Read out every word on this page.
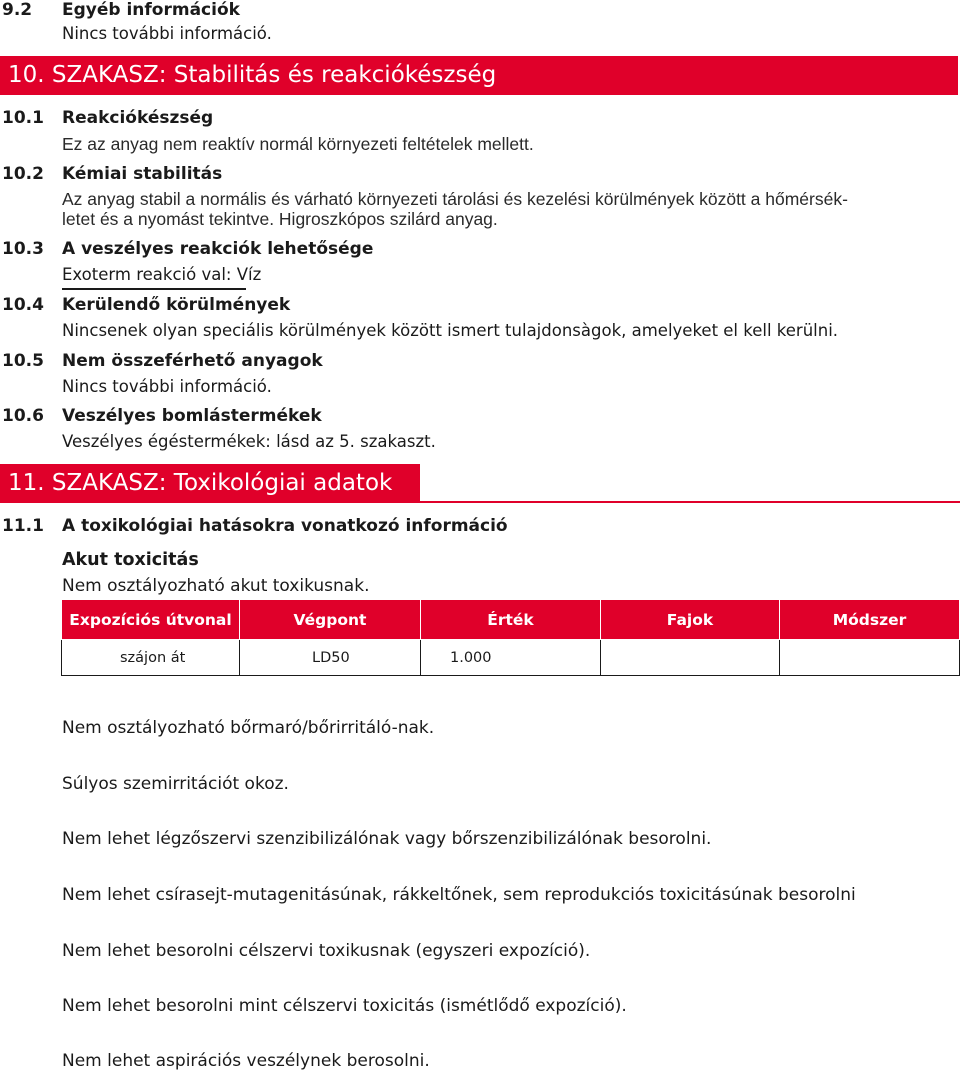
9.2 Egyéb információk
Nincs további információ.
10. SZAKASZ: Stabilitás és reakciókészség
10.1 Reakciókészség
Ez az anyag nem reaktív normál környezeti feltételek mellett.
10.2 Kémiai stabilitás
Az anyag stabil a normális és várható környezeti tárolási és kezelési körülmények között a hőmérsék-
letet és a nyomást tekintve. Higroszkópos szilárd anyag.
10.3 A veszélyes reakciók lehetősége
Exoterm reakció val: Víz
10.4 Kerülendő körülmények
Nincsenek olyan speciális körülmények között ismert tulajdonsàgok, amelyeket el kell kerülni.
10.5 Nem összeférhető anyagok
Nincs további információ.
10.6 Veszélyes bomlástermékek
Veszélyes égéstermékek: lásd az 5. szakaszt.
11. SZAKASZ: Toxikológiai adatok
11.1 A toxikológiai hatásokra vonatkozó információ
Akut toxicitás
Nem osztályozható akut toxikusnak.
Expozíciós útvonal	Végpont	Érték	Fajok	Módszer
szájon át	LD50	1.000		
Nem osztályozható bőrmaró/bőrirritáló-nak.
Súlyos szemirritációt okoz.
Nem lehet légzőszervi szenzibilizálónak vagy bőrszenzibilizálónak besorolni.
Nem lehet csírasejt-mutagenitásúnak, rákkeltőnek, sem reprodukciós toxicitásúnak besorolni
Nem lehet besorolni célszervi toxikusnak (egyszeri expozíció).
Nem lehet besorolni mint célszervi toxicitás (ismétlődő expozíció).
Nem lehet aspirációs veszélynek berosolni.
